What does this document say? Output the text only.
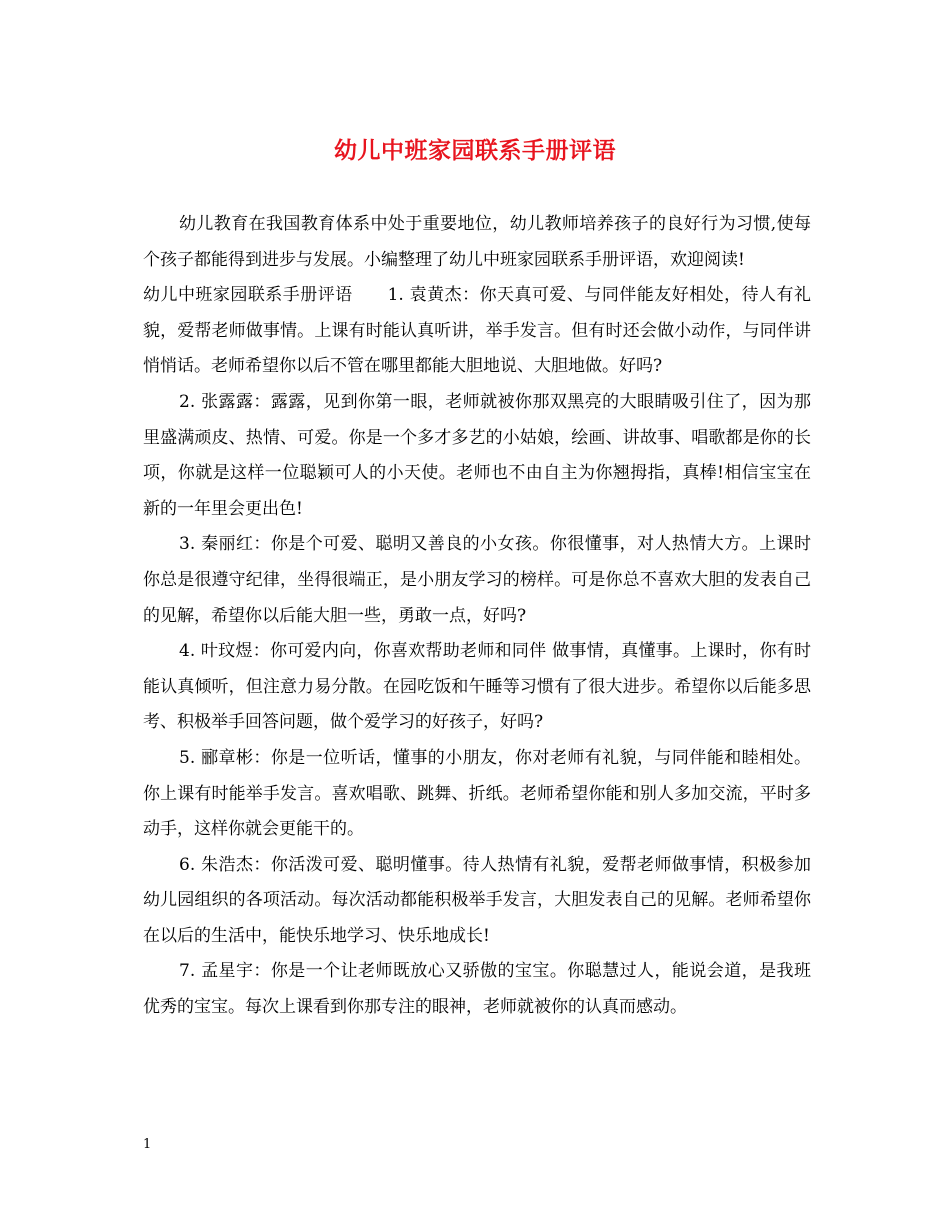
幼儿中班家园联系手册评语

幼儿教育在我国教育体系中处于重要地位，幼儿教师培养孩子的良好行为习惯,使每个孩子都能得到进步与发展。小编整理了幼儿中班家园联系手册评语，欢迎阅读!

幼儿中班家园联系手册评语　　1. 袁黄杰：你天真可爱、与同伴能友好相处，待人有礼貌，爱帮老师做事情。上课有时能认真听讲，举手发言。但有时还会做小动作，与同伴讲悄悄话。老师希望你以后不管在哪里都能大胆地说、大胆地做。好吗?

2. 张露露：露露，见到你第一眼，老师就被你那双黑亮的大眼睛吸引住了，因为那里盛满顽皮、热情、可爱。你是一个多才多艺的小姑娘，绘画、讲故事、唱歌都是你的长项，你就是这样一位聪颖可人的小天使。老师也不由自主为你翘拇指，真棒!相信宝宝在新的一年里会更出色!

3. 秦丽红：你是个可爱、聪明又善良的小女孩。你很懂事，对人热情大方。上课时你总是很遵守纪律，坐得很端正，是小朋友学习的榜样。可是你总不喜欢大胆的发表自己的见解，希望你以后能大胆一些，勇敢一点，好吗?

4. 叶玟煜：你可爱内向，你喜欢帮助老师和同伴 做事情，真懂事。上课时，你有时能认真倾听，但注意力易分散。在园吃饭和午睡等习惯有了很大进步。希望你以后能多思考、积极举手回答问题，做个爱学习的好孩子，好吗?

5. 郦章彬：你是一位听话，懂事的小朋友，你对老师有礼貌，与同伴能和睦相处。你上课有时能举手发言。喜欢唱歌、跳舞、折纸。老师希望你能和别人多加交流，平时多动手，这样你就会更能干的。

6. 朱浩杰：你活泼可爱、聪明懂事。待人热情有礼貌，爱帮老师做事情，积极参加幼儿园组织的各项活动。每次活动都能积极举手发言，大胆发表自己的见解。老师希望你在以后的生活中，能快乐地学习、快乐地成长!

7. 孟星宇：你是一个让老师既放心又骄傲的宝宝。你聪慧过人，能说会道，是我班优秀的宝宝。每次上课看到你那专注的眼神，老师就被你的认真而感动。

1
